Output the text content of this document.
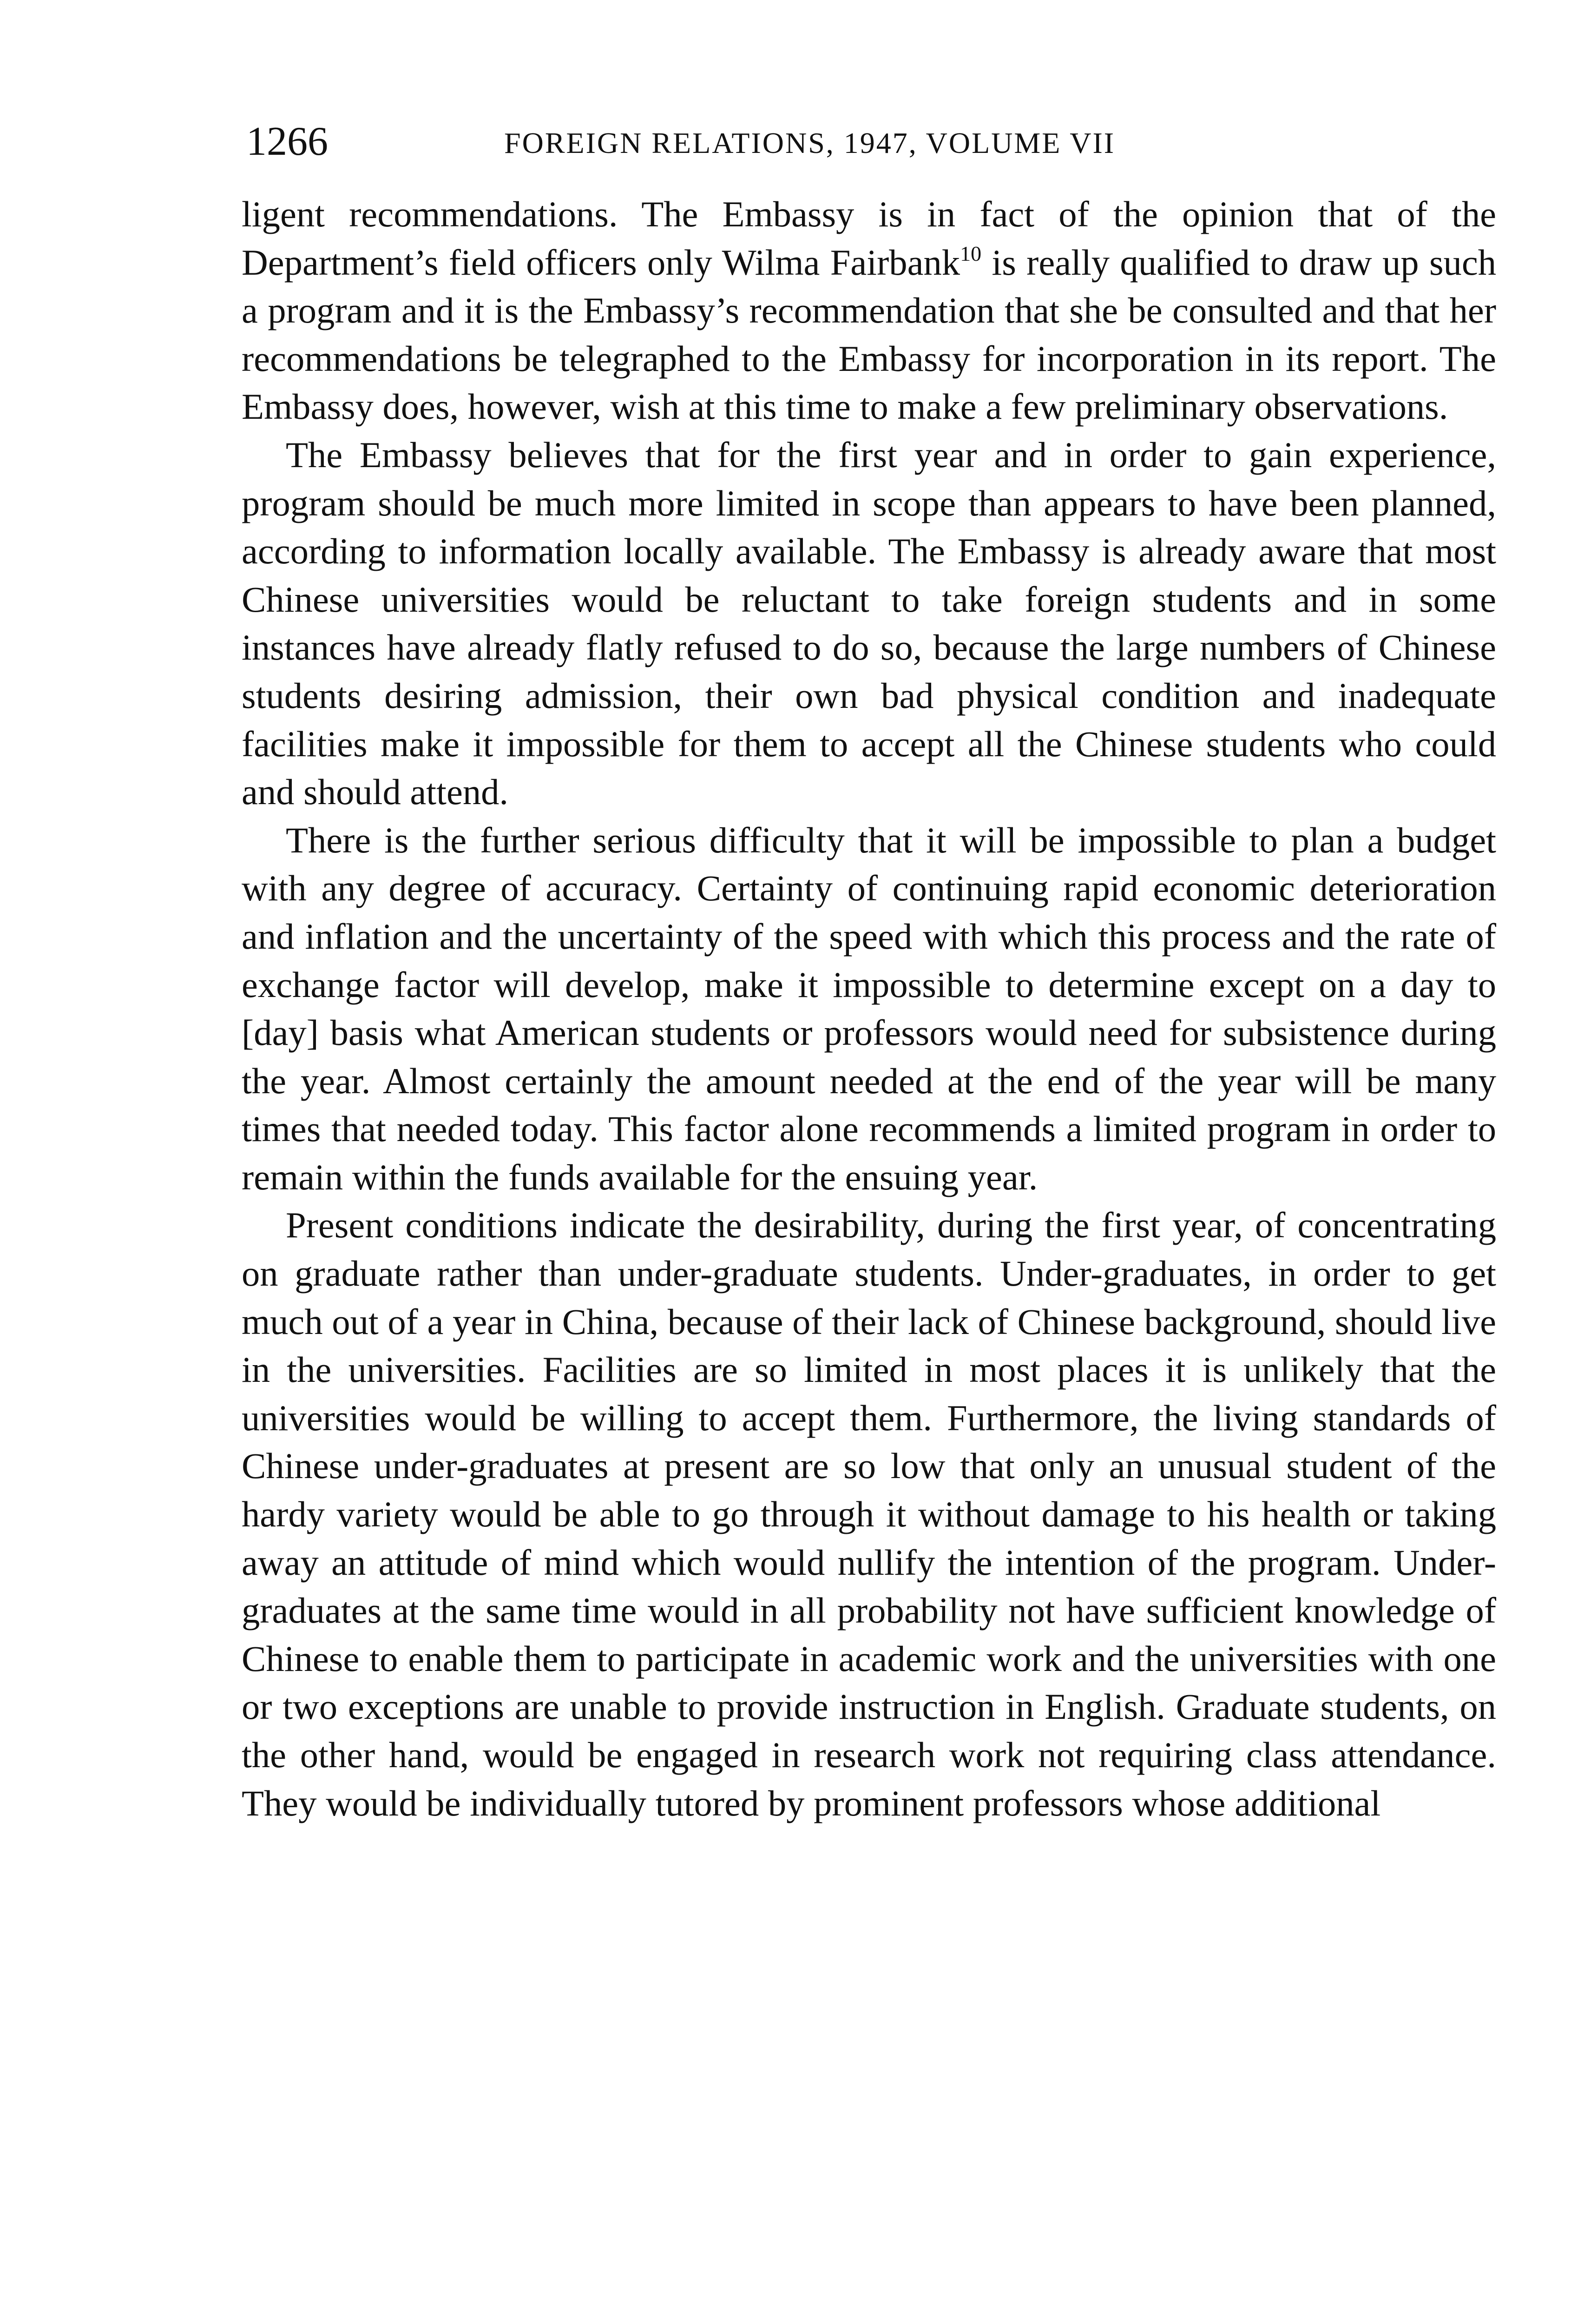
1266	FOREIGN RELATIONS, 1947, VOLUME VII

ligent recommendations. The Embassy is in fact of the opinion that of the Department’s field officers only Wilma Fairbank$^{10}$ is really qualified to draw up such a program and it is the Embassy’s recommendation that she be consulted and that her recommendations be telegraphed to the Embassy for incorporation in its report. The Embassy does, however, wish at this time to make a few preliminary observations.

The Embassy believes that for the first year and in order to gain experience, program should be much more limited in scope than appears to have been planned, according to information locally available. The Embassy is already aware that most Chinese universities would be reluctant to take foreign students and in some instances have already flatly refused to do so, because the large numbers of Chinese students desiring admission, their own bad physical condition and inadequate facilities make it impossible for them to accept all the Chinese students who could and should attend.

There is the further serious difficulty that it will be impossible to plan a budget with any degree of accuracy. Certainty of continuing rapid economic deterioration and inflation and the uncertainty of the speed with which this process and the rate of exchange factor will develop, make it impossible to determine except on a day to [day] basis what American students or professors would need for subsistence during the year. Almost certainly the amount needed at the end of the year will be many times that needed today. This factor alone recommends a limited program in order to remain within the funds available for the ensuing year.

Present conditions indicate the desirability, during the first year, of concentrating on graduate rather than under-graduate students. Under-graduates, in order to get much out of a year in China, because of their lack of Chinese background, should live in the universities. Facilities are so limited in most places it is unlikely that the universities would be willing to accept them. Furthermore, the living standards of Chinese under-graduates at present are so low that only an unusual student of the hardy variety would be able to go through it without damage to his health or taking away an attitude of mind which would nullify the intention of the program. Under-graduates at the same time would in all probability not have sufficient knowledge of Chinese to enable them to participate in academic work and the universities with one or two exceptions are unable to provide instruction in English. Graduate students, on the other hand, would be engaged in research work not requiring class attendance. They would be individually tutored by prominent professors whose additional
